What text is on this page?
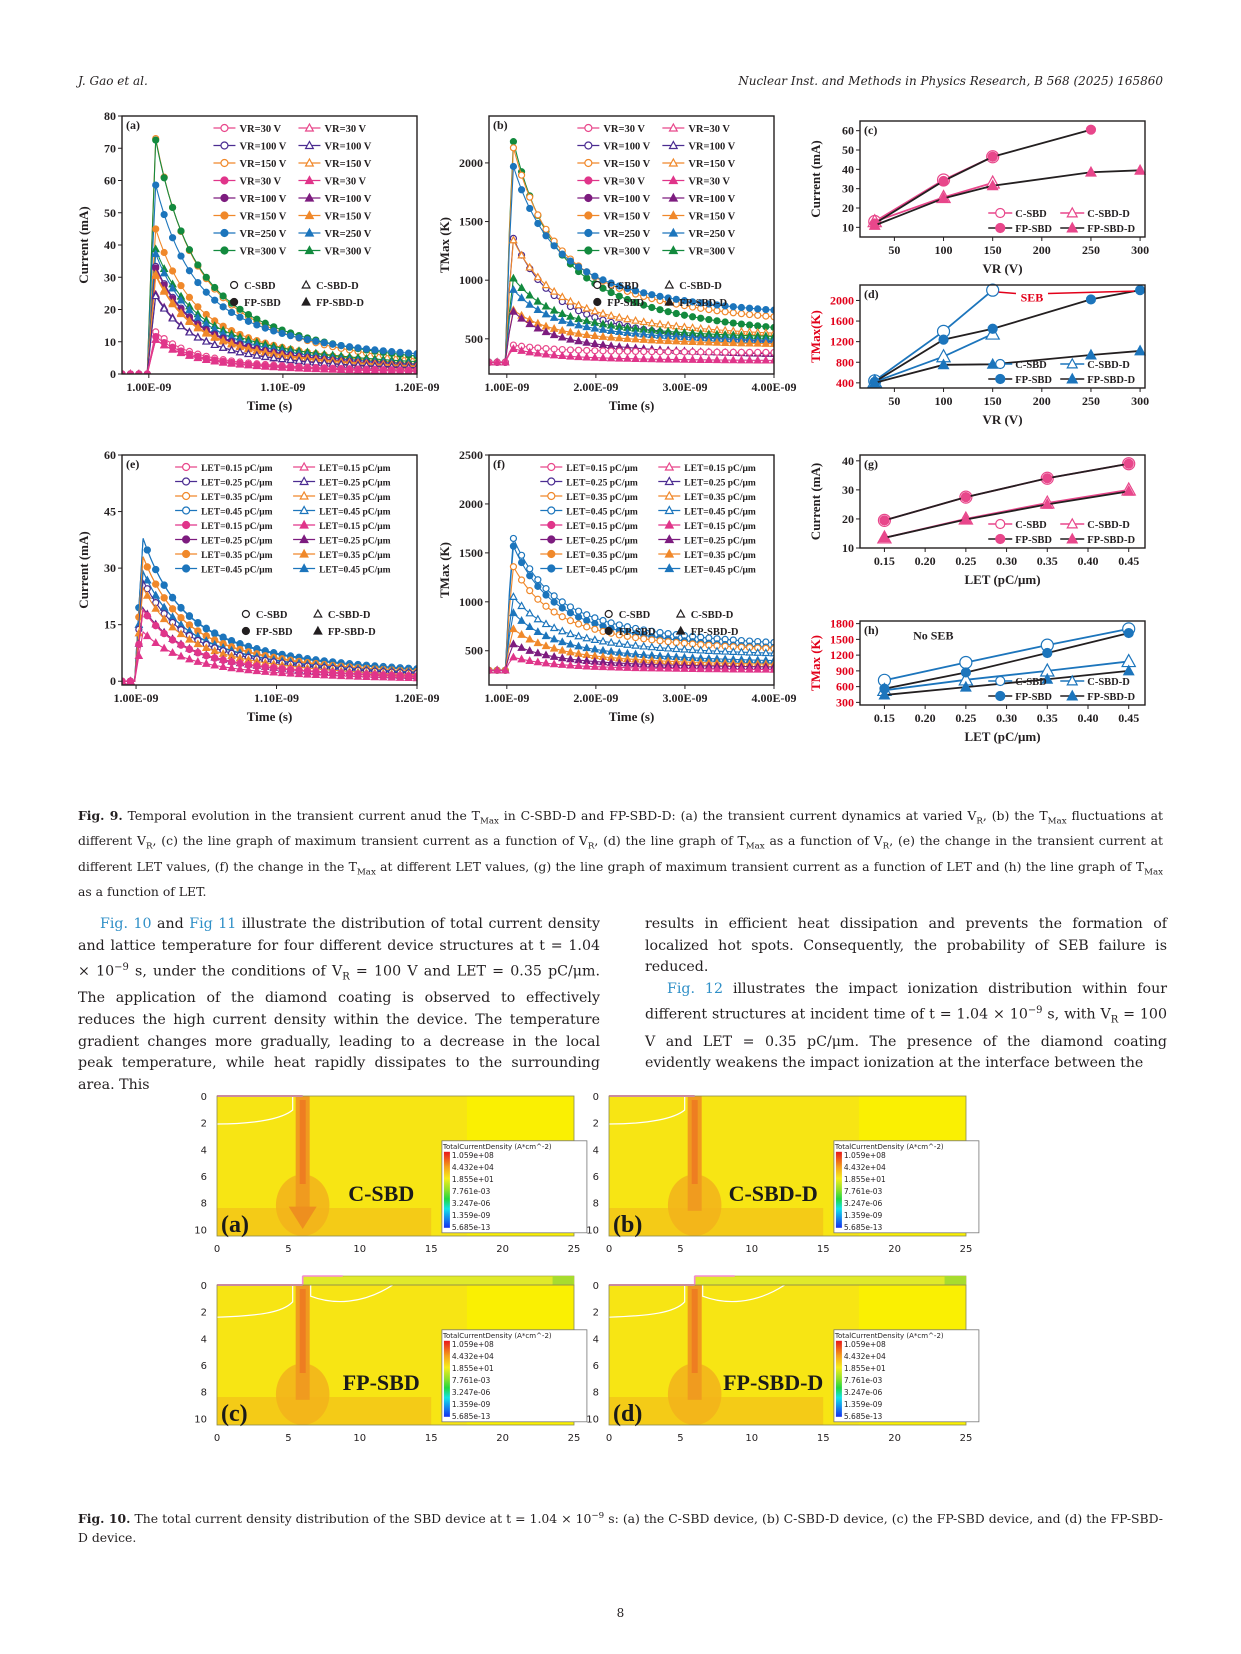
J. Gao et al.	Nuclear Inst. and Methods in Physics Research, B 568 (2025) 165860
(a)
0
10
20
30
40
50
60
70
80
1.00E-09	1.10E-09	1.20E-09
Time (s)
Current (mA)
VR=30 V	VR=30 V
VR=100 V	VR=100 V
VR=150 V	VR=150 V
VR=30 V	VR=30 V
VR=100 V	VR=100 V
VR=150 V	VR=150 V
VR=250 V	VR=250 V
VR=300 V	VR=300 V
C-SBD	C-SBD-D
FP-SBD	FP-SBD-D
(b)
500
1000
1500
2000
1.00E-09	2.00E-09	3.00E-09	4.00E-09
Time (s)
TMax (K)
VR=30 V	VR=30 V
VR=100 V	VR=100 V
VR=150 V	VR=150 V
VR=30 V	VR=30 V
VR=100 V	VR=100 V
VR=150 V	VR=150 V
VR=250 V	VR=250 V
VR=300 V	VR=300 V
C-SBD	C-SBD-D
FP-SBD	FP-SBD-D
(c)
10
20
30
40
50
60
50	100	150	200	250	300
VR (V)
Current (mA)	C-SBD	C-SBD-D
FP-SBD	FP-SBD-D
(d)
400
800
1200
1600
2000
50	100	150	200	250	300
VR (V)
TMax(K)
C-SBD	C-SBD-D
FP-SBD	FP-SBD-D
SEB
(e)
0
15
30
45
60
1.00E-09	1.10E-09	1.20E-09
Time (s)
Current (mA)
LET=0.15 pC/μm	LET=0.15 pC/μm
LET=0.25 pC/μm	LET=0.25 pC/μm
LET=0.35 pC/μm	LET=0.35 pC/μm
LET=0.45 pC/μm	LET=0.45 pC/μm
LET=0.15 pC/μm	LET=0.15 pC/μm
LET=0.25 pC/μm	LET=0.25 pC/μm
LET=0.35 pC/μm	LET=0.35 pC/μm
LET=0.45 pC/μm	LET=0.45 pC/μm
C-SBD	C-SBD-D
FP-SBD	FP-SBD-D
(f)
500
1000
1500
2000
2500
1.00E-09	2.00E-09	3.00E-09	4.00E-09
Time (s)
TMax (K)
LET=0.15 pC/μm	LET=0.15 pC/μm
LET=0.25 pC/μm	LET=0.25 pC/μm
LET=0.35 pC/μm	LET=0.35 pC/μm
LET=0.45 pC/μm	LET=0.45 pC/μm
LET=0.15 pC/μm	LET=0.15 pC/μm
LET=0.25 pC/μm	LET=0.25 pC/μm
LET=0.35 pC/μm	LET=0.35 pC/μm
LET=0.45 pC/μm	LET=0.45 pC/μm
C-SBD	C-SBD-D
FP-SBD	FP-SBD-D
(g)
10
20
30
40
0.15 0.20 0.25 0.30 0.35 0.40 0.45
LET (pC/μm)
Current (mA)	C-SBD	C-SBD-D
FP-SBD	FP-SBD-D
(h)
300
600
900
1200
1500
1800
0.15 0.20 0.25 0.30 0.35 0.40 0.45
LET (pC/μm)
TMax (K)	C-SBD	C-SBD-D
FP-SBD	FP-SBD-D
No SEB
Fig. 9. Temporal evolution in the transient current anud the $T_{Max}$ in C-SBD-D and FP-SBD-D: (a) the transient current dynamics at varied $V_R$, (b) the $T_{Max}$ fluctuations at different $V_R$, (c) the line graph of maximum transient current as a function of $V_R$, (d) the line graph of $T_{Max}$ as a function of $V_R$, (e) the change in the transient current at different LET values, (f) the change in the $T_{Max}$ at different LET values, (g) the line graph of maximum transient current as a function of LET and (h) the line graph of $T_{Max}$ as a function of LET.
Fig. 10 and Fig 11 illustrate the distribution of total current density and lattice temperature for four different device structures at $t = 1.04 \times 10^{-9}$ s, under the conditions of $V_R = 100$ V and LET = 0.35 pC/μm. The application of the diamond coating is observed to effectively reduces the high current density within the device. The temperature gradient changes more gradually, leading to a decrease in the local peak temperature, while heat rapidly dissipates to the surrounding area. This
results in efficient heat dissipation and prevents the formation of localized hot spots. Consequently, the probability of SEB failure is reduced.
Fig. 12 illustrates the impact ionization distribution within four different structures at incident time of $t = 1.04 \times 10^{-9}$ s, with $V_R = 100$ V and LET = 0.35 pC/μm. The presence of the diamond coating evidently weakens the impact ionization at the interface between the
0
2
4
6
8
10
0	5	10	15	20	25
C-SBD
(a)
TotalCurrentDensity (A*cm^-2)
1.059e+08
4.432e+04
1.855e+01
7.761e-03
3.247e-06
1.359e-09
5.685e-13
0
2
4
6
8
10
0	5	10	15	20	25
C-SBD-D
(b)
TotalCurrentDensity (A*cm^-2)
1.059e+08
4.432e+04
1.855e+01
7.761e-03
3.247e-06
1.359e-09
5.685e-13
0
2
4
6
8
10
0	5	10	15	20	25
FP-SBD
(c)
TotalCurrentDensity (A*cm^-2)
1.059e+08
4.432e+04
1.855e+01
7.761e-03
3.247e-06
1.359e-09
5.685e-13
0
2
4
6
8
10
0	5	10	15	20	25
FP-SBD-D
(d)
TotalCurrentDensity (A*cm^-2)
1.059e+08
4.432e+04
1.855e+01
7.761e-03
3.247e-06
1.359e-09
5.685e-13
Fig. 10. The total current density distribution of the SBD device at $t = 1.04 \times 10^{-9}$ s: (a) the C-SBD device, (b) C-SBD-D device, (c) the FP-SBD device, and (d) the FP-SBD-D device.
8
